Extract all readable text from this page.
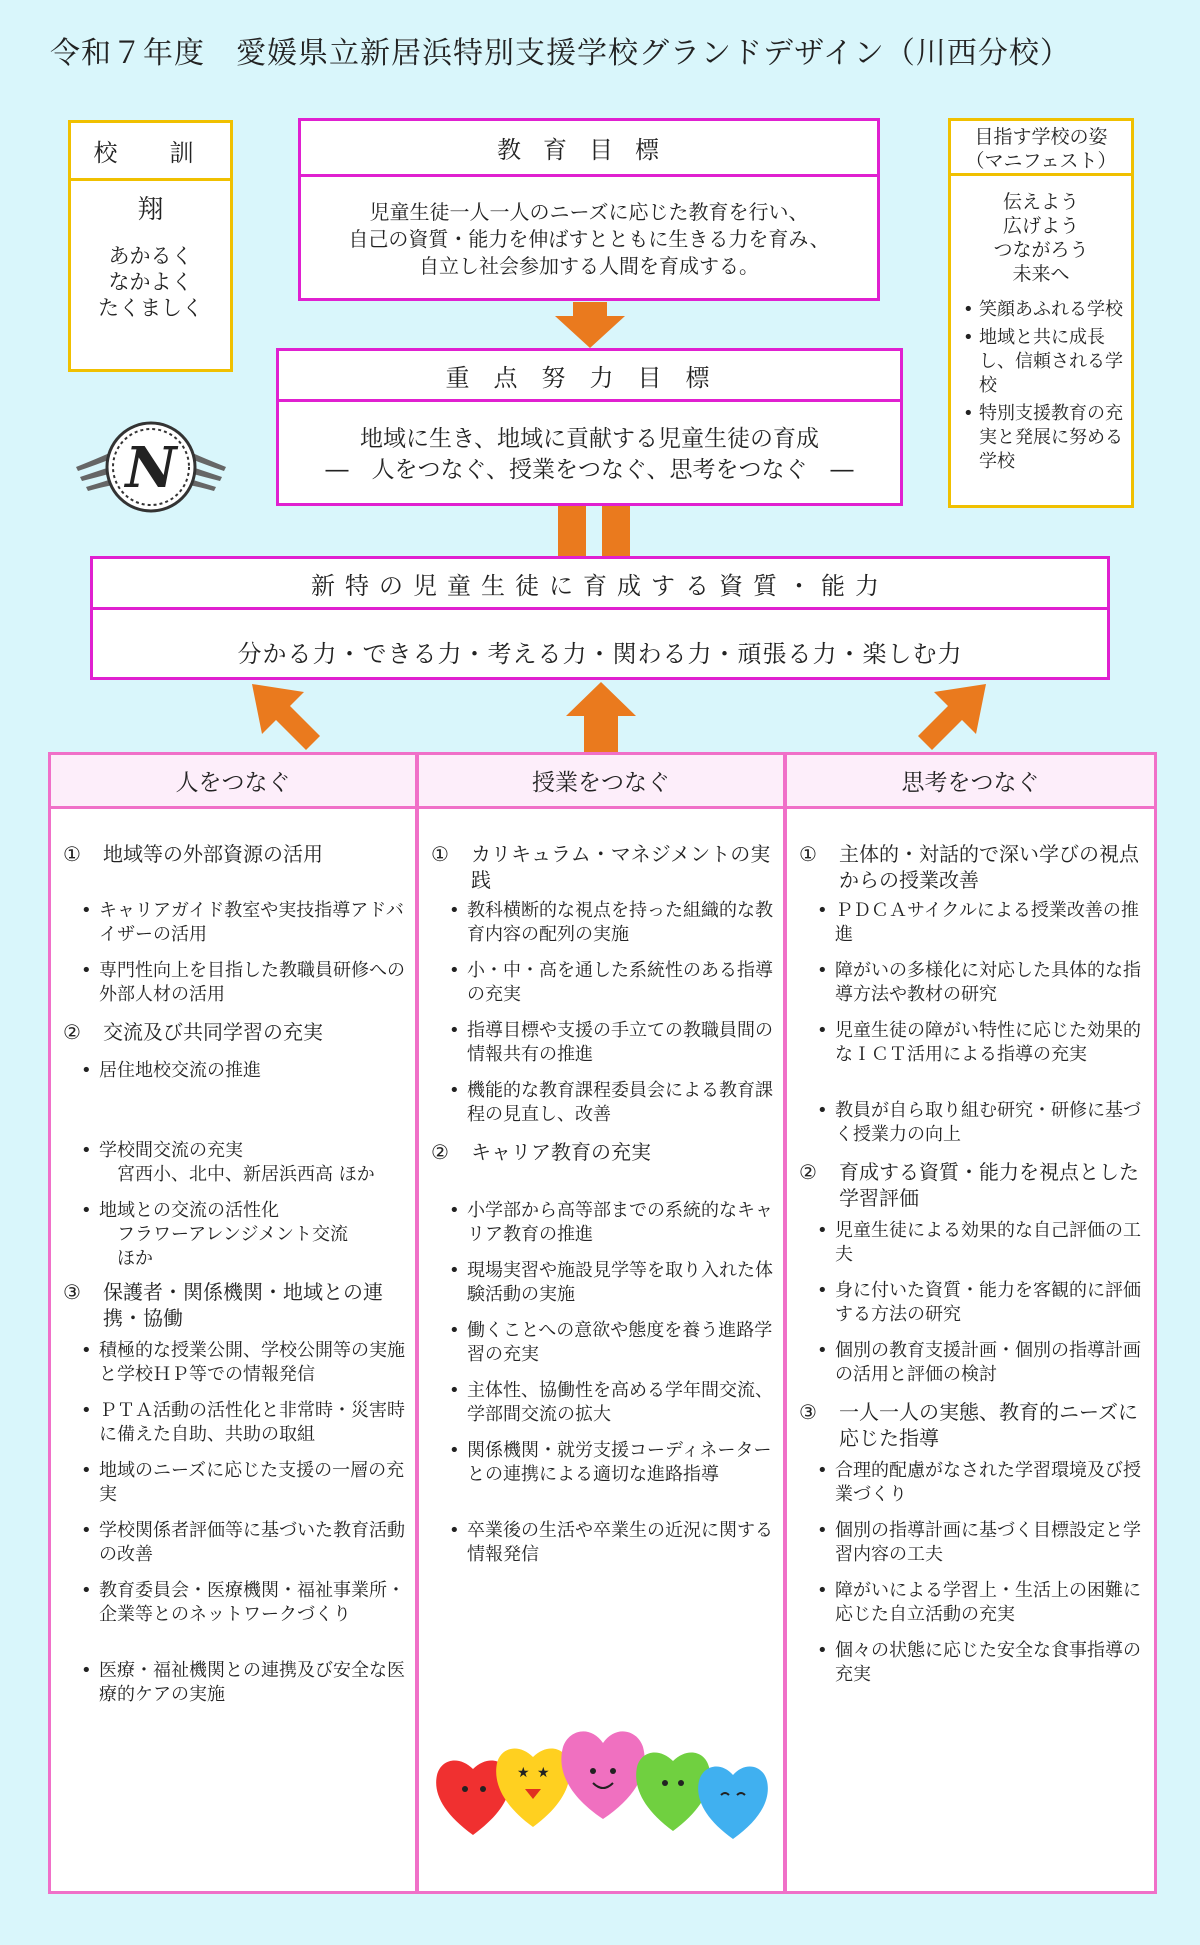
令和７年度　愛媛県立新居浜特別支援学校グランドデザイン（川西分校）
校　訓
翔
あかるく
なかよく
たくましく
N
教育目標
児童生徒一人一人のニーズに応じた教育を行い、
自己の資質・能力を伸ばすとともに生きる力を育み、
自立し社会参加する人間を育成する。
重点努力目標
地域に生き、地域に貢献する児童生徒の育成
―　人をつなぐ、授業をつなぐ、思考をつなぐ　―
目指す学校の姿
（マニフェスト）
伝えよう
広げよう
つながろう
未来へ
• 笑顔あふれる学校
• 地域と共に成長し、信頼される学校
• 特別支援教育の充実と発展に努める学校
新特の児童生徒に育成する資質・能力
分かる力・できる力・考える力・関わる力・頑張る力・楽しむ力
人をつなぐ
① 地域等の外部資源の活用
• キャリアガイド教室や実技指導アドバイザーの活用
• 専門性向上を目指した教職員研修への外部人材の活用
② 交流及び共同学習の充実
• 居住地校交流の推進
• 学校間交流の充実
　宮西小、北中、新居浜西高 ほか
• 地域との交流の活性化
　フラワーアレンジメント交流
　ほか
③ 保護者・関係機関・地域との連携・協働
• 積極的な授業公開、学校公開等の実施と学校ＨＰ等での情報発信
• ＰＴＡ活動の活性化と非常時・災害時に備えた自助、共助の取組
• 地域のニーズに応じた支援の一層の充実
• 学校関係者評価等に基づいた教育活動の改善
• 教育委員会・医療機関・福祉事業所・企業等とのネットワークづくり
• 医療・福祉機関との連携及び安全な医療的ケアの実施
授業をつなぐ
① カリキュラム・マネジメントの実践
• 教科横断的な視点を持った組織的な教育内容の配列の実施
• 小・中・高を通した系統性のある指導の充実
• 指導目標や支援の手立ての教職員間の情報共有の推進
• 機能的な教育課程委員会による教育課程の見直し、改善
② キャリア教育の充実
• 小学部から高等部までの系統的なキャリア教育の推進
• 現場実習や施設見学等を取り入れた体験活動の実施
• 働くことへの意欲や態度を養う進路学習の充実
• 主体性、協働性を高める学年間交流、学部間交流の拡大
• 関係機関・就労支援コーディネーターとの連携による適切な進路指導
• 卒業後の生活や卒業生の近況に関する情報発信
★ ★
思考をつなぐ
① 主体的・対話的で深い学びの視点からの授業改善
• ＰＤＣＡサイクルによる授業改善の推進
• 障がいの多様化に対応した具体的な指導方法や教材の研究
• 児童生徒の障がい特性に応じた効果的なＩＣＴ活用による指導の充実
• 教員が自ら取り組む研究・研修に基づく授業力の向上
② 育成する資質・能力を視点とした学習評価
• 児童生徒による効果的な自己評価の工夫
• 身に付いた資質・能力を客観的に評価する方法の研究
• 個別の教育支援計画・個別の指導計画の活用と評価の検討
③ 一人一人の実態、教育的ニーズに応じた指導
• 合理的配慮がなされた学習環境及び授業づくり
• 個別の指導計画に基づく目標設定と学習内容の工夫
• 障がいによる学習上・生活上の困難に応じた自立活動の充実
• 個々の状態に応じた安全な食事指導の充実
